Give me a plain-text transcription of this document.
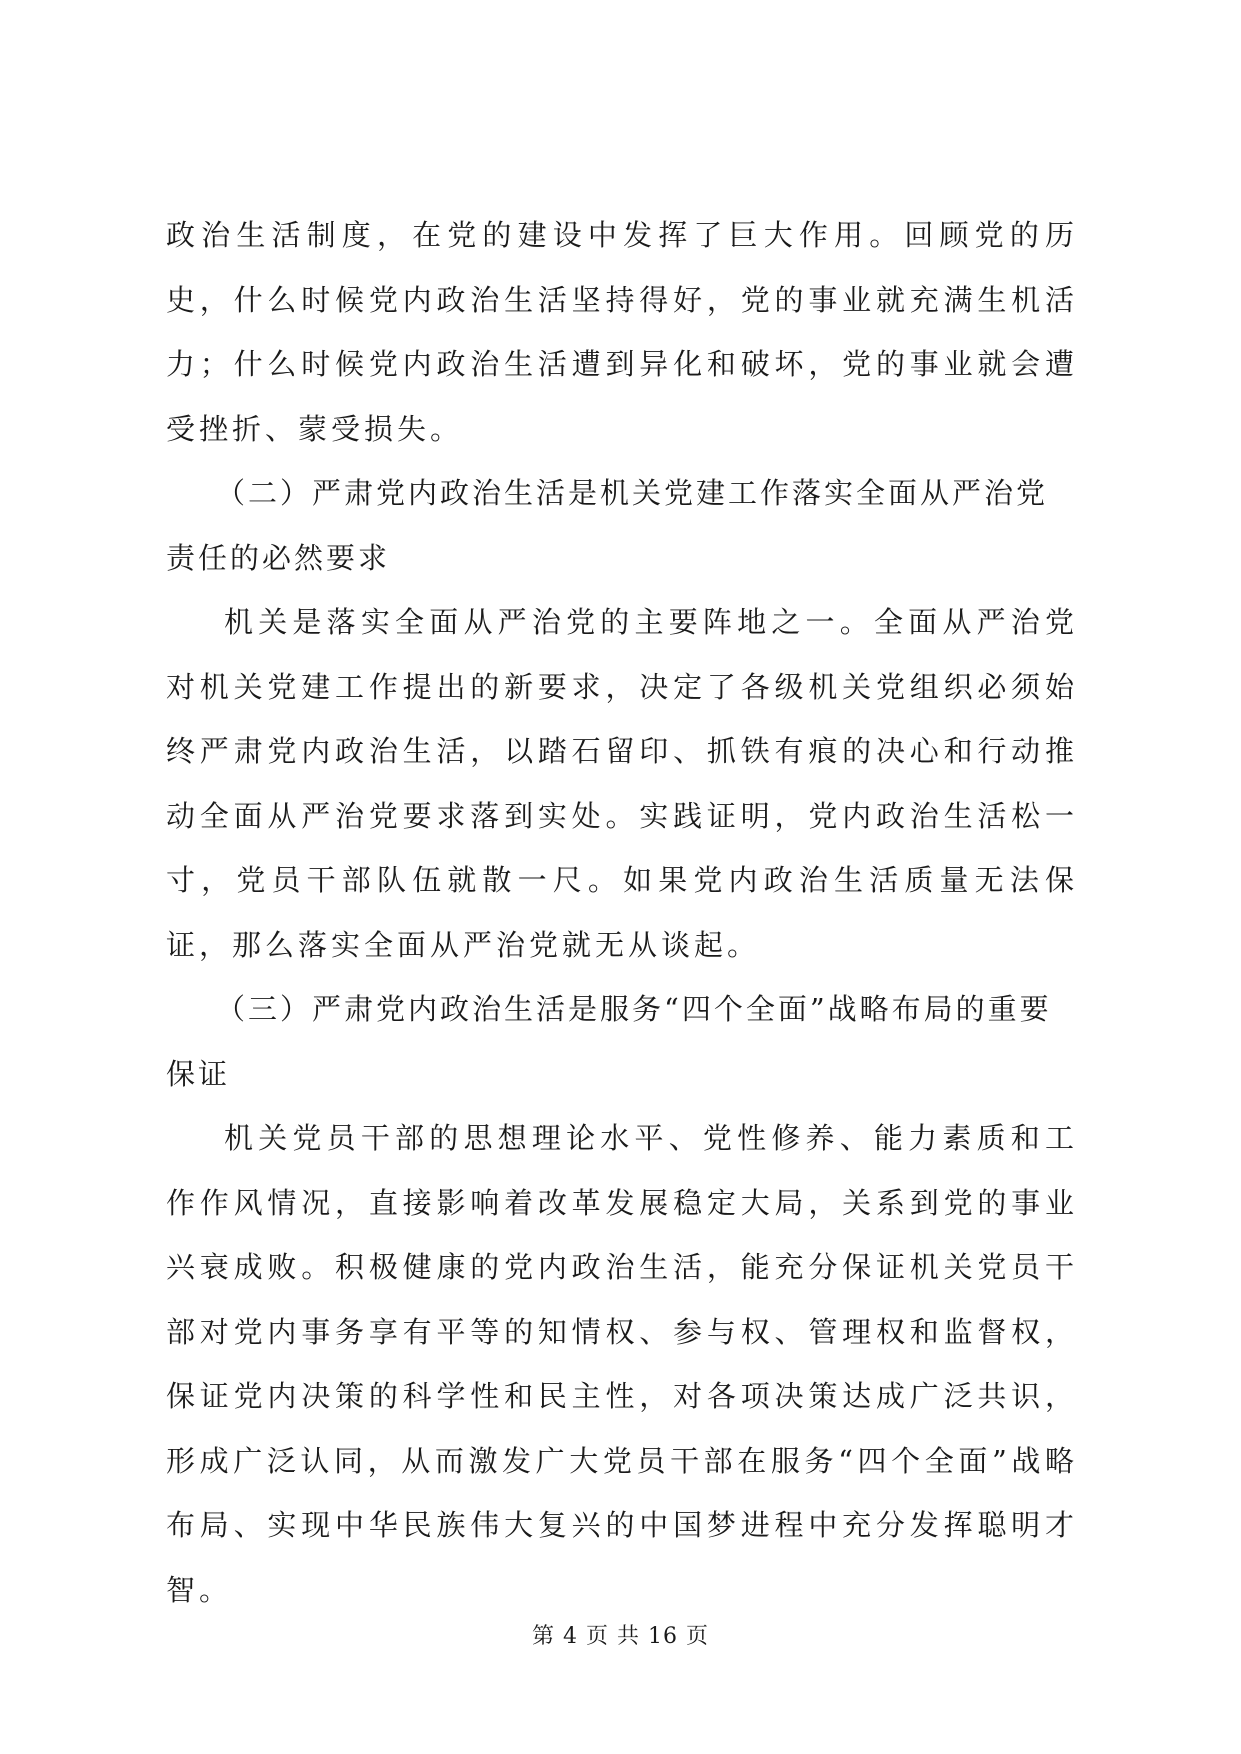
政治生活制度，在党的建设中发挥了巨大作用。回顾党的历史，什么时候党内政治生活坚持得好，党的事业就充满生机活力；什么时候党内政治生活遭到异化和破坏，党的事业就会遭受挫折、蒙受损失。

（二）严肃党内政治生活是机关党建工作落实全面从严治党责任的必然要求

机关是落实全面从严治党的主要阵地之一。全面从严治党对机关党建工作提出的新要求，决定了各级机关党组织必须始终严肃党内政治生活，以踏石留印、抓铁有痕的决心和行动推动全面从严治党要求落到实处。实践证明，党内政治生活松一寸，党员干部队伍就散一尺。如果党内政治生活质量无法保证，那么落实全面从严治党就无从谈起。

（三）严肃党内政治生活是服务“四个全面”战略布局的重要保证

机关党员干部的思想理论水平、党性修养、能力素质和工作作风情况，直接影响着改革发展稳定大局，关系到党的事业兴衰成败。积极健康的党内政治生活，能充分保证机关党员干部对党内事务享有平等的知情权、参与权、管理权和监督权，保证党内决策的科学性和民主性，对各项决策达成广泛共识，形成广泛认同，从而激发广大党员干部在服务“四个全面”战略布局、实现中华民族伟大复兴的中国梦进程中充分发挥聪明才智。

第 4 页 共 16 页
